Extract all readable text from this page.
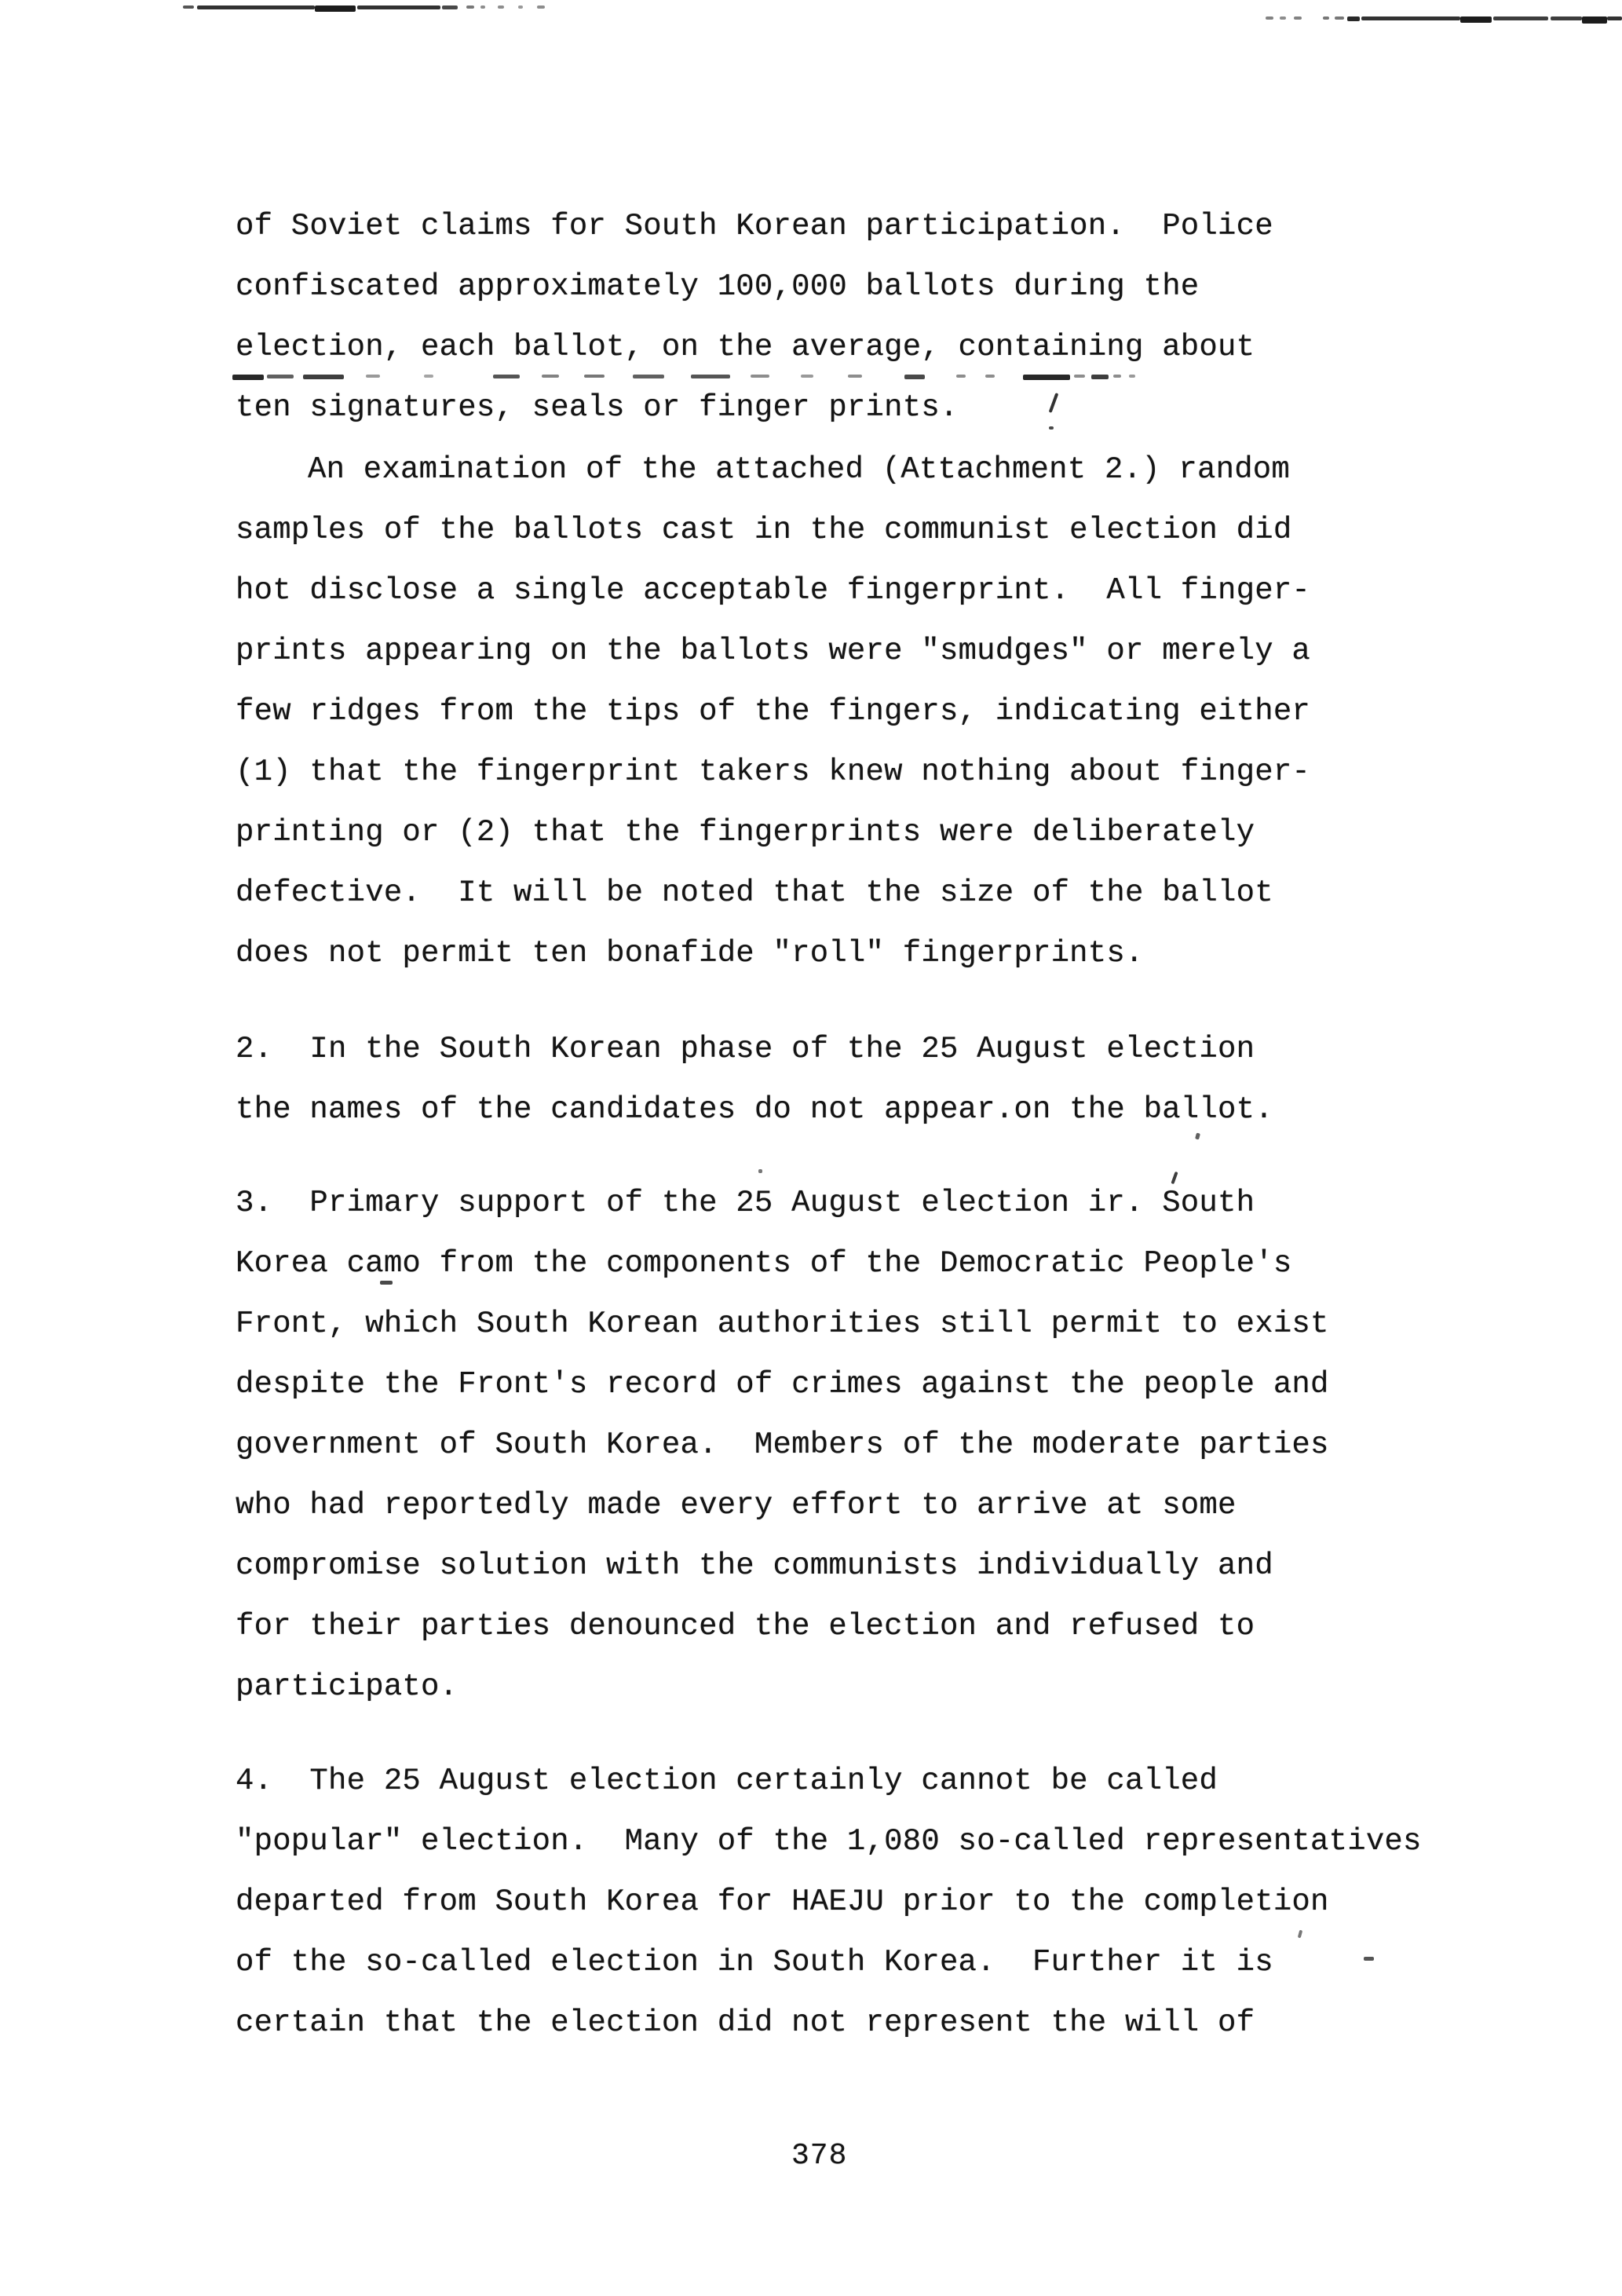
of Soviet claims for South Korean participation.  Police
confiscated approximately 100,000 ballots during the
election, each ballot, on the average, containing about
ten signatures, seals or finger prints.
An examination of the attached (Attachment 2.) random
samples of the ballots cast in the communist election did
hot disclose a single acceptable fingerprint.  All finger-
prints appearing on the ballots were "smudges" or merely a
few ridges from the tips of the fingers, indicating either
(1) that the fingerprint takers knew nothing about finger-
printing or (2) that the fingerprints were deliberately
defective.  It will be noted that the size of the ballot
does not permit ten bonafide "roll" fingerprints.
2.  In the South Korean phase of the 25 August election
the names of the candidates do not appear.on the ballot.
3.  Primary support of the 25 August election ir. South
Korea camo from the components of the Democratic People's
Front, which South Korean authorities still permit to exist
despite the Front's record of crimes against the people and
government of South Korea.  Members of the moderate parties
who had reportedly made every effort to arrive at some
compromise solution with the communists individually and
for their parties denounced the election and refused to
participato.
4.  The 25 August election certainly cannot be called
"popular" election.  Many of the 1,080 so-called representatives
departed from South Korea for HAEJU prior to the completion
of the so-called election in South Korea.  Further it is
certain that the election did not represent the will of
378
